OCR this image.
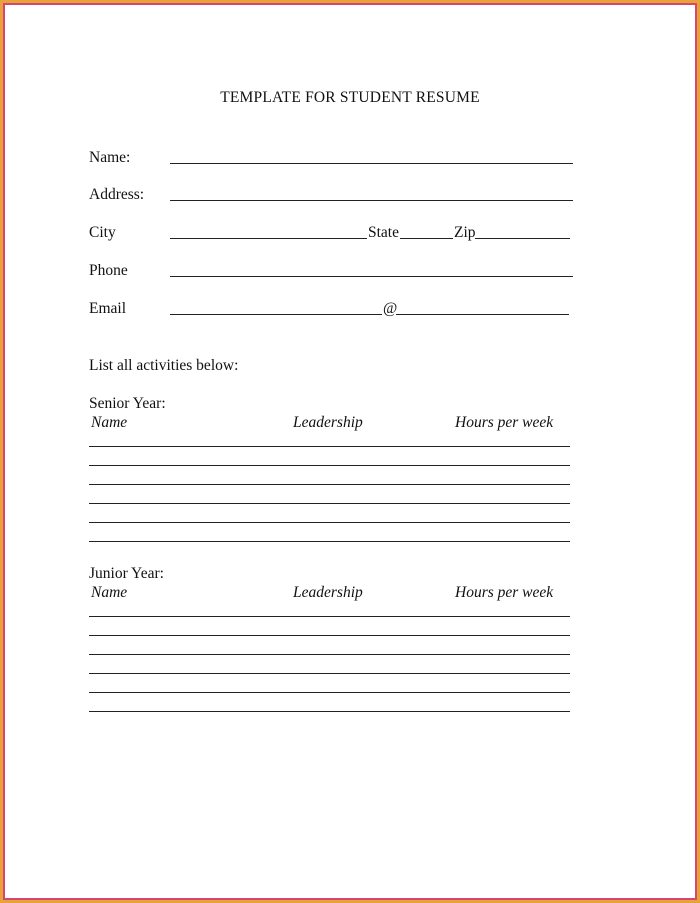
TEMPLATE FOR STUDENT RESUME
Name:
Address:
City	State	Zip
Phone
Email	@
List all activities below:
Senior Year:
Name	Leadership	Hours per week
Junior Year:
Name	Leadership	Hours per week
